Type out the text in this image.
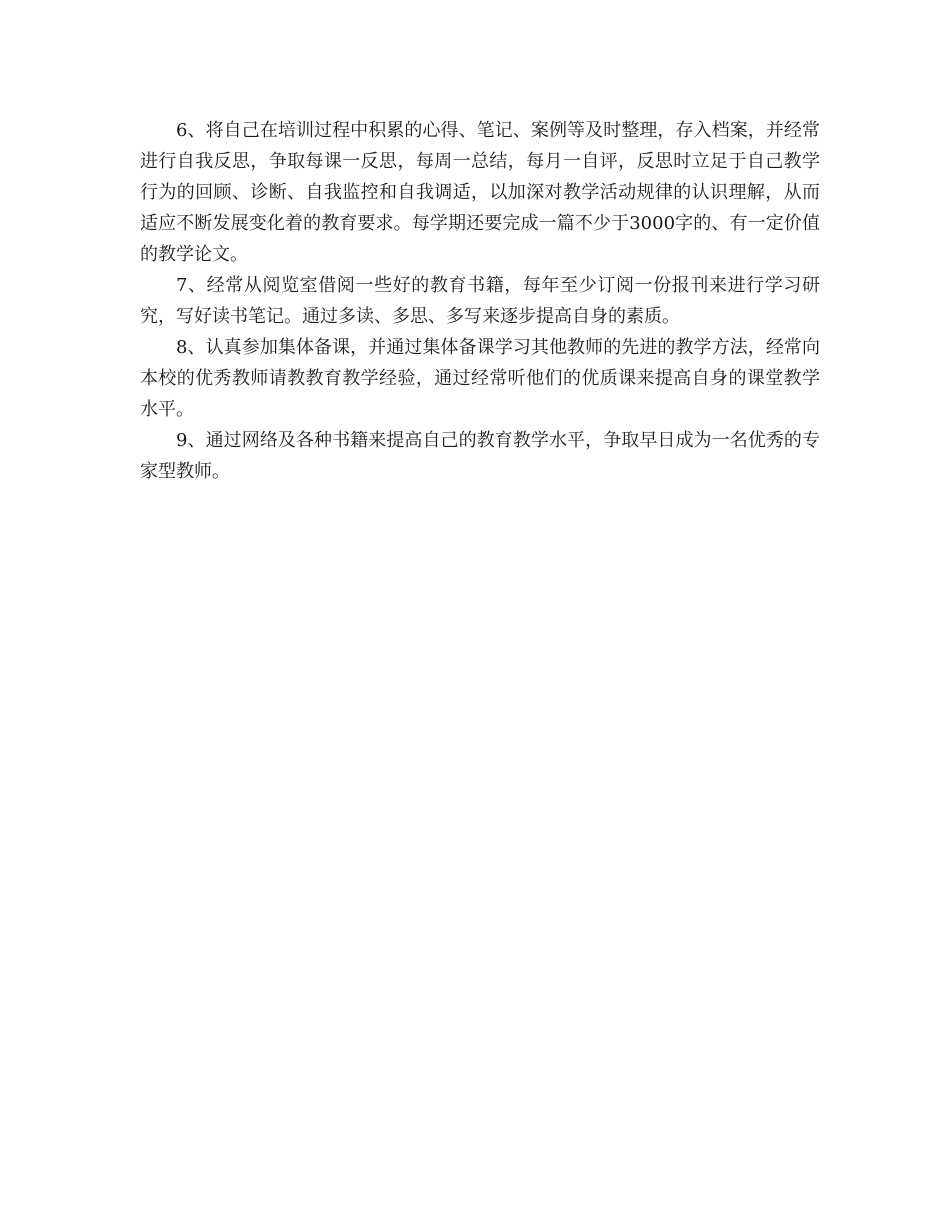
6、将自己在培训过程中积累的心得、笔记、案例等及时整理，存入档案，并经常进行自我反思，争取每课一反思，每周一总结，每月一自评，反思时立足于自己教学行为的回顾、诊断、自我监控和自我调适，以加深对教学活动规律的认识理解，从而适应不断发展变化着的教育要求。每学期还要完成一篇不少于3000字的、有一定价值的教学论文。

7、经常从阅览室借阅一些好的教育书籍，每年至少订阅一份报刊来进行学习研究，写好读书笔记。通过多读、多思、多写来逐步提高自身的素质。

8、认真参加集体备课，并通过集体备课学习其他教师的先进的教学方法，经常向本校的优秀教师请教教育教学经验，通过经常听他们的优质课来提高自身的课堂教学水平。

9、通过网络及各种书籍来提高自己的教育教学水平，争取早日成为一名优秀的专家型教师。
